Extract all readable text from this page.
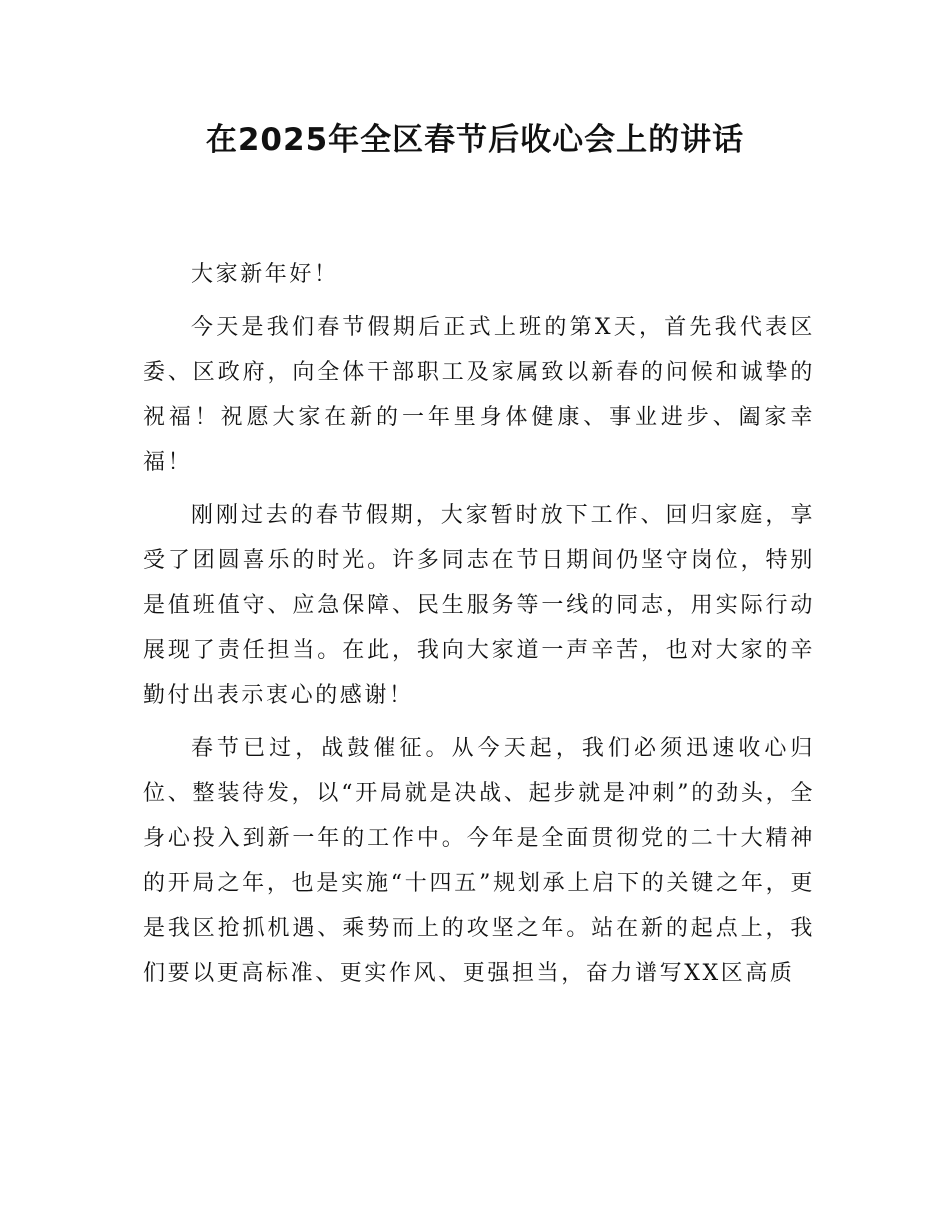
在2025年全区春节后收心会上的讲话

大家新年好！

今天是我们春节假期后正式上班的第X天，首先我代表区委、区政府，向全体干部职工及家属致以新春的问候和诚挚的祝福！祝愿大家在新的一年里身体健康、事业进步、阖家幸福！

刚刚过去的春节假期，大家暂时放下工作、回归家庭，享受了团圆喜乐的时光。许多同志在节日期间仍坚守岗位，特别是值班值守、应急保障、民生服务等一线的同志，用实际行动展现了责任担当。在此，我向大家道一声辛苦，也对大家的辛勤付出表示衷心的感谢！

春节已过，战鼓催征。从今天起，我们必须迅速收心归位、整装待发，以“开局就是决战、起步就是冲刺”的劲头，全身心投入到新一年的工作中。今年是全面贯彻党的二十大精神的开局之年，也是实施“十四五”规划承上启下的关键之年，更是我区抢抓机遇、乘势而上的攻坚之年。站在新的起点上，我们要以更高标准、更实作风、更强担当，奋力谱写XX区高质
